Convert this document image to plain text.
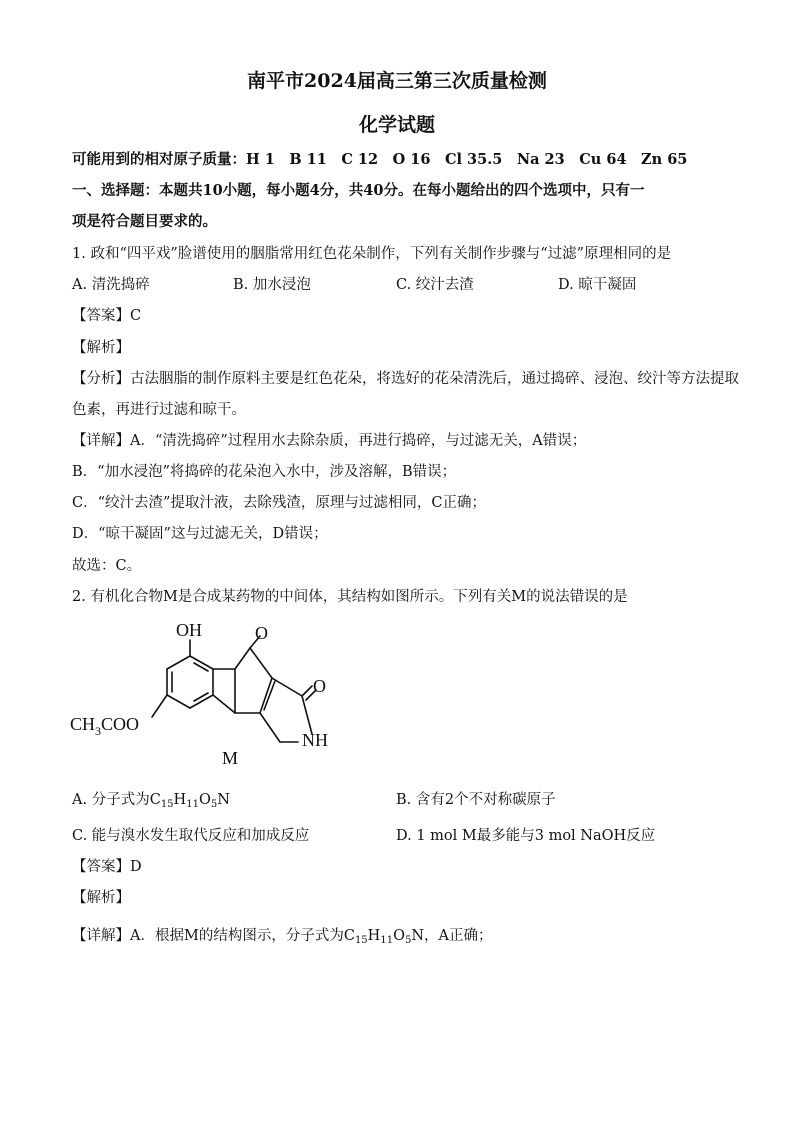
南平市2024届高三第三次质量检测
化学试题
可能用到的相对原子质量：H 1　B 11　C 12　O 16　Cl 35.5　Na 23　Cu 64　Zn 65
一、选择题：本题共10小题，每小题4分，共40分。在每小题给出的四个选项中，只有一
项是符合题目要求的。
1. 政和“四平戏”脸谱使用的胭脂常用红色花朵制作，下列有关制作步骤与“过滤”原理相同的是
A. 清洗捣碎	B. 加水浸泡	C. 绞汁去渣	D. 晾干凝固
【答案】C
【解析】
【分析】古法胭脂的制作原料主要是红色花朵，将选好的花朵清洗后，通过捣碎、浸泡、绞汁等方法提取
色素，再进行过滤和晾干。
【详解】A．“清洗捣碎”过程用水去除杂质，再进行捣碎，与过滤无关，A错误；
B．“加水浸泡”将捣碎的花朵泡入水中，涉及溶解，B错误；
C．“绞汁去渣”提取汁液，去除残渣，原理与过滤相同，C正确；
D．“晾干凝固”这与过滤无关，D错误；
故选：C。
2. 有机化合物M是合成某药物的中间体，其结构如图所示。下列有关M的说法错误的是
OH	O
O
NH
$CH_3COO$
M
A. 分子式为$C_{15}H_{11}O_5N$	B. 含有2个不对称碳原子
C. 能与溴水发生取代反应和加成反应	D. 1 mol M最多能与3 mol NaOH反应
【答案】D
【解析】
【详解】A．根据M的结构图示，分子式为$C_{15}H_{11}O_5N$，A正确；
